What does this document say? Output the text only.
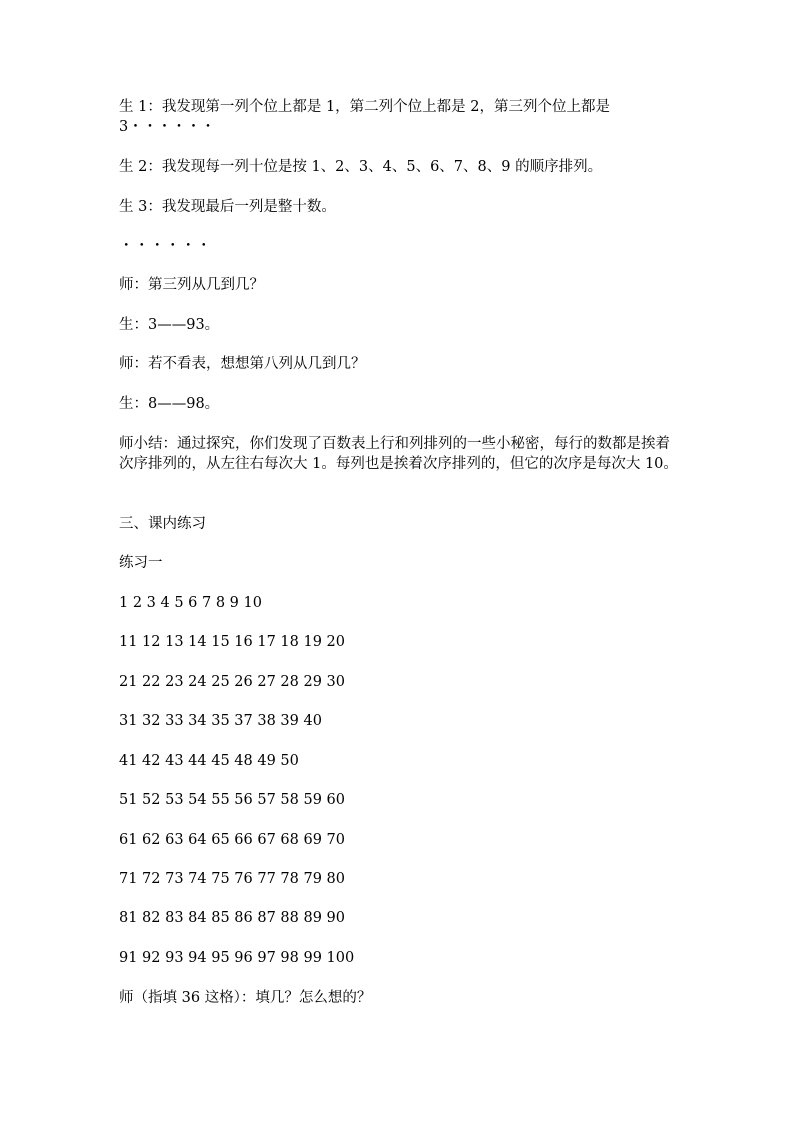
生 1：我发现第一列个位上都是 1，第二列个位上都是 2，第三列个位上都是 3・・・・・・
生 2：我发现每一列十位是按 1、2、3、4、5、6、7、8、9 的顺序排列。
生 3：我发现最后一列是整十数。
・・・・・・
师：第三列从几到几？
生：3——93。
师：若不看表，想想第八列从几到几？
生：8——98。
师小结：通过探究，你们发现了百数表上行和列排列的一些小秘密，每行的数都是挨着次序排列的，从左往右每次大 1。每列也是挨着次序排列的，但它的次序是每次大 10。
三、课内练习
练习一
1 2 3 4 5 6 7 8 9 10
11 12 13 14 15 16 17 18 19 20
21 22 23 24 25 26 27 28 29 30
31 32 33 34 35 37 38 39 40
41 42 43 44 45 48 49 50
51 52 53 54 55 56 57 58 59 60
61 62 63 64 65 66 67 68 69 70
71 72 73 74 75 76 77 78 79 80
81 82 83 84 85 86 87 88 89 90
91 92 93 94 95 96 97 98 99 100
师（指填 36 这格）：填几？怎么想的？
